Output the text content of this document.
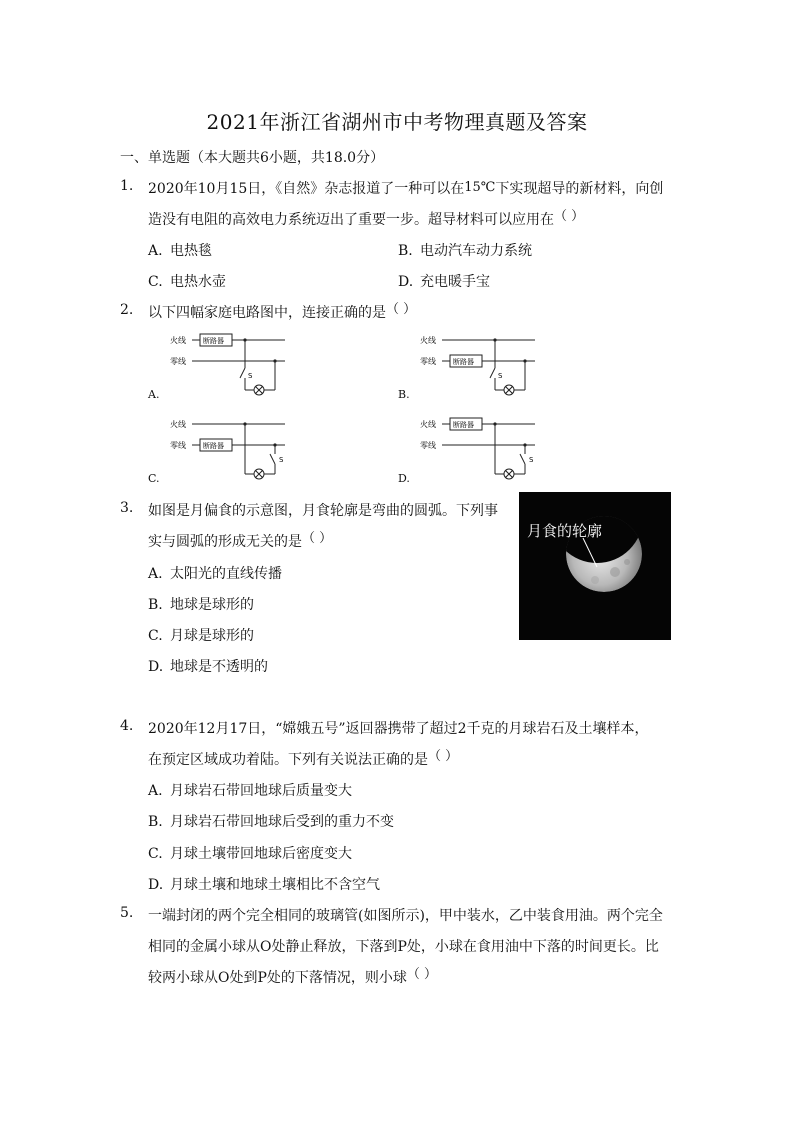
2021年浙江省湖州市中考物理真题及答案
一、单选题（本大题共6小题，共18.0分）
1. 2020年10月15日，《自然》杂志报道了一种可以在15℃下实现超导的新材料，向创
造没有电阻的高效电力系统迈出了重要一步。超导材料可以应用在（ ）
A. 电热毯	B. 电动汽车动力系统
C. 电热水壶	D. 充电暖手宝
2. 以下四幅家庭电路图中，连接正确的是（ ）
火线
零线
断路器
S
A.
火线
零线 断路器
S
B.
火线
零线 断路器
S
C.
火线
零线
断路器
S
D.
3. 如图是月偏食的示意图，月食轮廓是弯曲的圆弧。下列事
实与圆弧的形成无关的是（ ）
A. 太阳光的直线传播
B. 地球是球形的
C. 月球是球形的
D. 地球是不透明的
月食的轮廓
4. 2020年12月17日，“嫦娥五号”返回器携带了超过2千克的月球岩石及土壤样本，
在预定区域成功着陆。下列有关说法正确的是（ ）
A. 月球岩石带回地球后质量变大
B. 月球岩石带回地球后受到的重力不变
C. 月球土壤带回地球后密度变大
D. 月球土壤和地球土壤相比不含空气
5. 一端封闭的两个完全相同的玻璃管(如图所示)，甲中装水，乙中装食用油。两个完全
相同的金属小球从O处静止释放，下落到P处，小球在食用油中下落的时间更长。比
较两小球从O处到P处的下落情况，则小球（ ）
